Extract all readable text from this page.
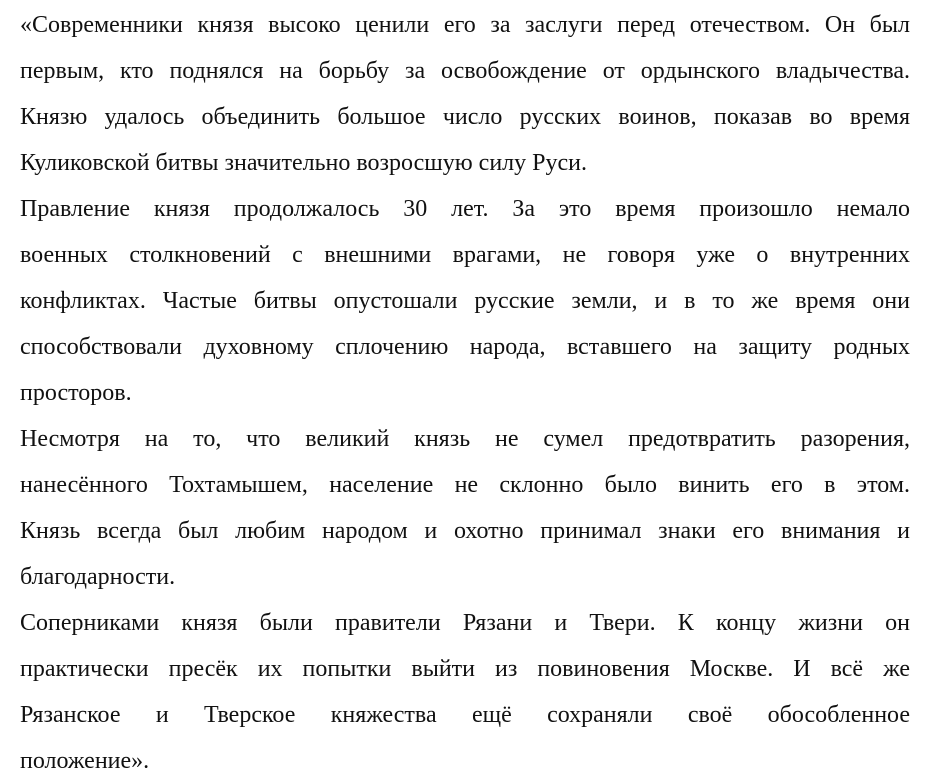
«Современники князя высоко ценили его за заслуги перед отечеством. Он был
первым, кто поднялся на борьбу за освобождение от ордынского владычества.
Князю удалось объединить большое число русских воинов, показав во время
Куликовской битвы значительно возросшую силу Руси.
Правление князя продолжалось 30 лет. За это время произошло немало
военных столкновений с внешними врагами, не говоря уже о внутренних
конфликтах. Частые битвы опустошали русские земли, и в то же время они
способствовали духовному сплочению народа, вставшего на защиту родных
просторов.
Несмотря на то, что великий князь не сумел предотвратить разорения,
нанесённого Тохтамышем, население не склонно было винить его в этом.
Князь всегда был любим народом и охотно принимал знаки его внимания и
благодарности.
Соперниками князя были правители Рязани и Твери. К концу жизни он
практически пресёк их попытки выйти из повиновения Москве. И всё же
Рязанское и Тверское княжества ещё сохраняли своё обособленное
положение».
